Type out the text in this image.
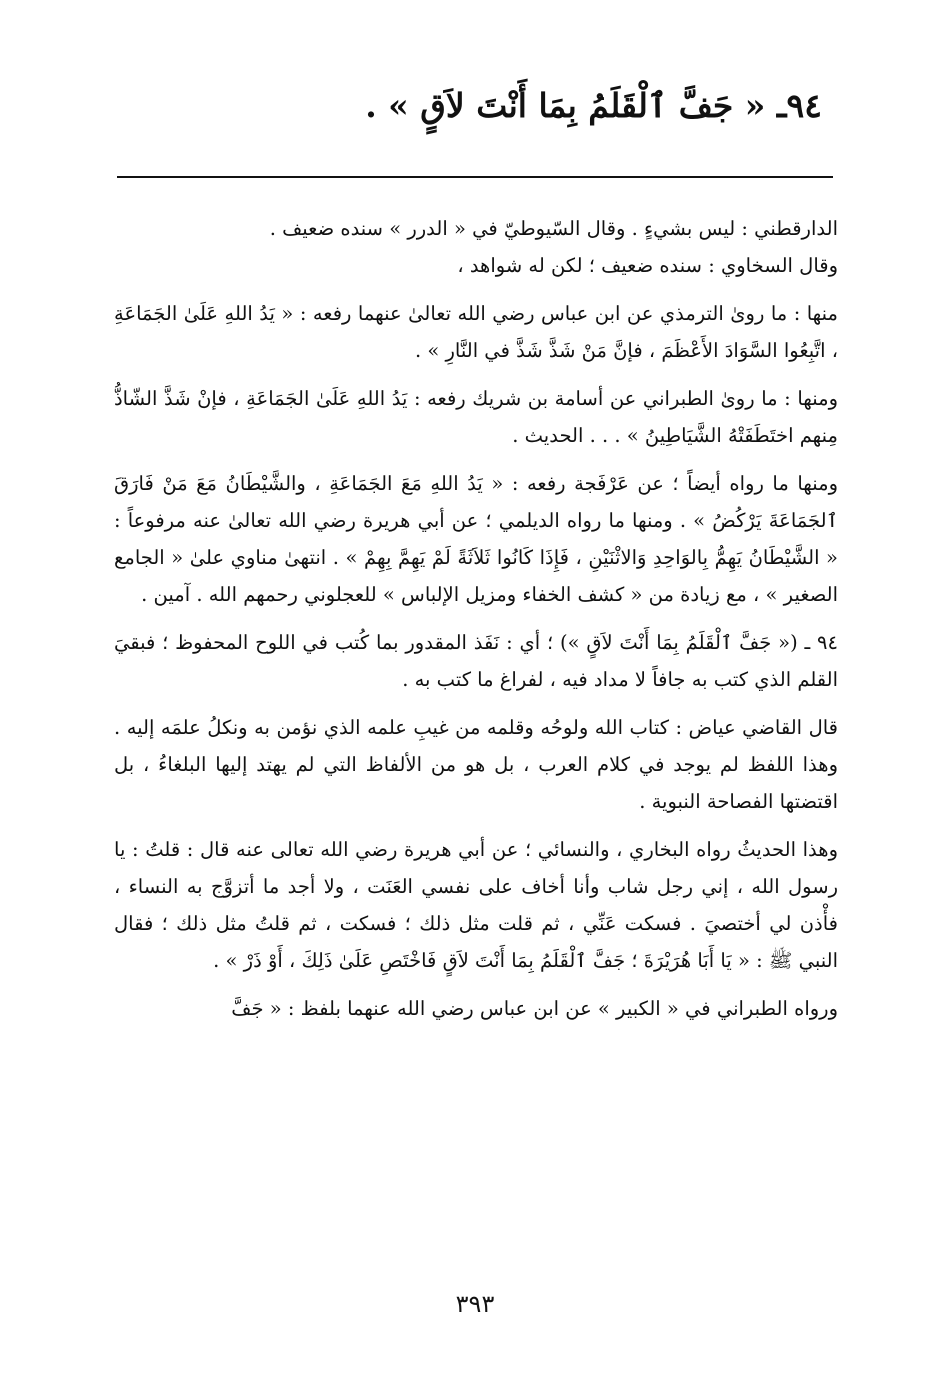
٩٤ـ « جَفَّ ٱلْقَلَمُ بِمَا أَنْتَ لاَقٍ » .

الدارقطني : ليس بشيءٍ . وقال السّيوطيّ في « الدرر » سنده ضعيف .

وقال السخاوي : سنده ضعيف ؛ لكن له شواهد ،

منها : ما روىٰ الترمذي عن ابن عباس رضي الله تعالىٰ عنهما رفعه : « يَدُ اللهِ عَلَىٰ الجَمَاعَةِ ، اتَّبِعُوا السَّوَادَ الأَعْظَمَ ، فإنَّ مَنْ شَذَّ شَذَّ في النَّارِ » .

ومنها : ما روىٰ الطبراني عن أسامة بن شريك رفعه : يَدُ اللهِ عَلَىٰ الجَمَاعَةِ ، فإنْ شَذَّ الشّاذُّ مِنهم اختَطَفَتْهُ الشَّيَاطِينُ » . . . الحديث .

ومنها ما رواه أيضاً ؛ عن عَرْفَجة رفعه : « يَدُ اللهِ مَعَ الجَمَاعَةِ ، والشَّيْطَانُ مَعَ مَنْ فَارَقَ ٱلجَمَاعَةَ يَرْكُضُ » . ومنها ما رواه الديلمي ؛ عن أبي هريرة رضي الله تعالىٰ عنه مرفوعاً : « الشَّيْطَانُ يَهِمُّ بِالوَاحِدِ وَالاثْنَيْنِ ، فَإِذَا كَانُوا ثَلاَثَةً لَمْ يَهِمَّ بِهِمْ » . انتهىٰ مناوي علىٰ « الجامع الصغير » ، مع زيادة من « كشف الخفاء ومزيل الإلباس » للعجلوني رحمهم الله . آمين .

٩٤ ـ (« جَفَّ ٱلْقَلَمُ بِمَا أَنْتَ لاَقٍ ») ؛ أي : نَفَذ المقدور بما كُتب في اللوح المحفوظ ؛ فبقيَ القلم الذي كتب به جافاً لا مداد فيه ، لفراغ ما كتب به .

قال القاضي عياض : كتاب الله ولوحُه وقلمه من غيبِ علمه الذي نؤمن به ونكلُ علمَه إليه . وهذا اللفظ لم يوجد في كلام العرب ، بل هو من الألفاظ التي لم يهتد إليها البلغاءُ ، بل اقتضتها الفصاحة النبوية .

وهذا الحديثُ رواه البخاري ، والنسائي ؛ عن أبي هريرة رضي الله تعالى عنه قال : قلتُ : يا رسول الله ، إني رجل شاب وأنا أخاف على نفسي العَنَت ، ولا أجد ما أتزوَّج به النساء ، فأْذن لي أختصيَ . فسكت عَنِّي ، ثم قلت مثل ذلك ؛ فسكت ، ثم قلتُ مثل ذلك ؛ فقال النبي ﷺ : « يَا أَبَا هُرَيْرَةَ ؛ جَفَّ ٱلْقَلَمُ بِمَا أَنْتَ لاَقٍ فَاخْتَصِ عَلَىٰ ذَلِكَ ، أَوْ ذَرْ » .

ورواه الطبراني في « الكبير » عن ابن عباس رضي الله عنهما بلفظ : « جَفَّ

٣٩٣
